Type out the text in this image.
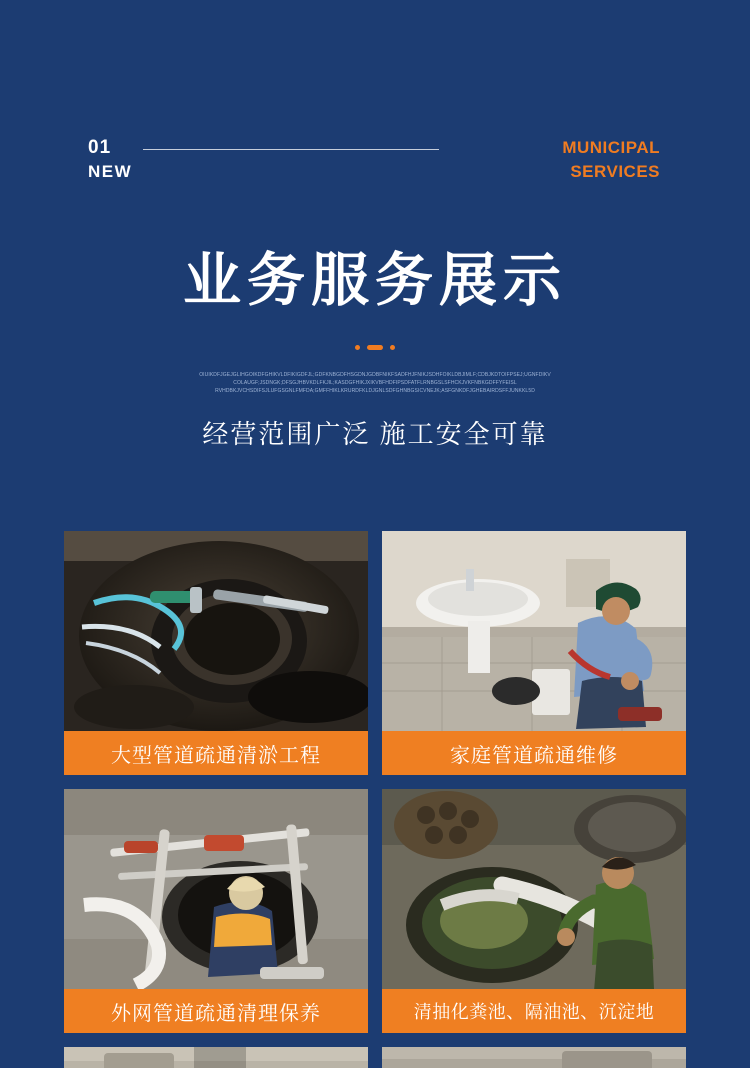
01
NEW
MUNICIPAL
SERVICES
业务服务展示
OIUIKDFJGEJGLIHGOIKDFGHIKVLDFIKIGDFJL;GDFKNBGDFHSGDNJGDBFNIKFSADFHJFNIKJSDHFOIKLDBJIMLF;CDBJKDTOIFPSEJ;UGNFDIKV
COLAUGF;JSDNGK;DFSGJHBVKDLFKJIL;KASDGFHIKJXIKVBFHDFIPSDFATFLRNBGSLSFHCKJVKFNBKGDFFYFEISL
RVHDBKJVCHSDIFSJLUFGSGNLFMFDA;GMFFHIKLKRURDFKLDJGNLSDFGHNBGSICVNEJK;ASFGNKDFJGHEBAIRDSFFJUNKKL5D
经营范围广泛 施工安全可靠
大型管道疏通清淤工程	家庭管道疏通维修
外网管道疏通清理保养	清抽化粪池、隔油池、沉淀地
